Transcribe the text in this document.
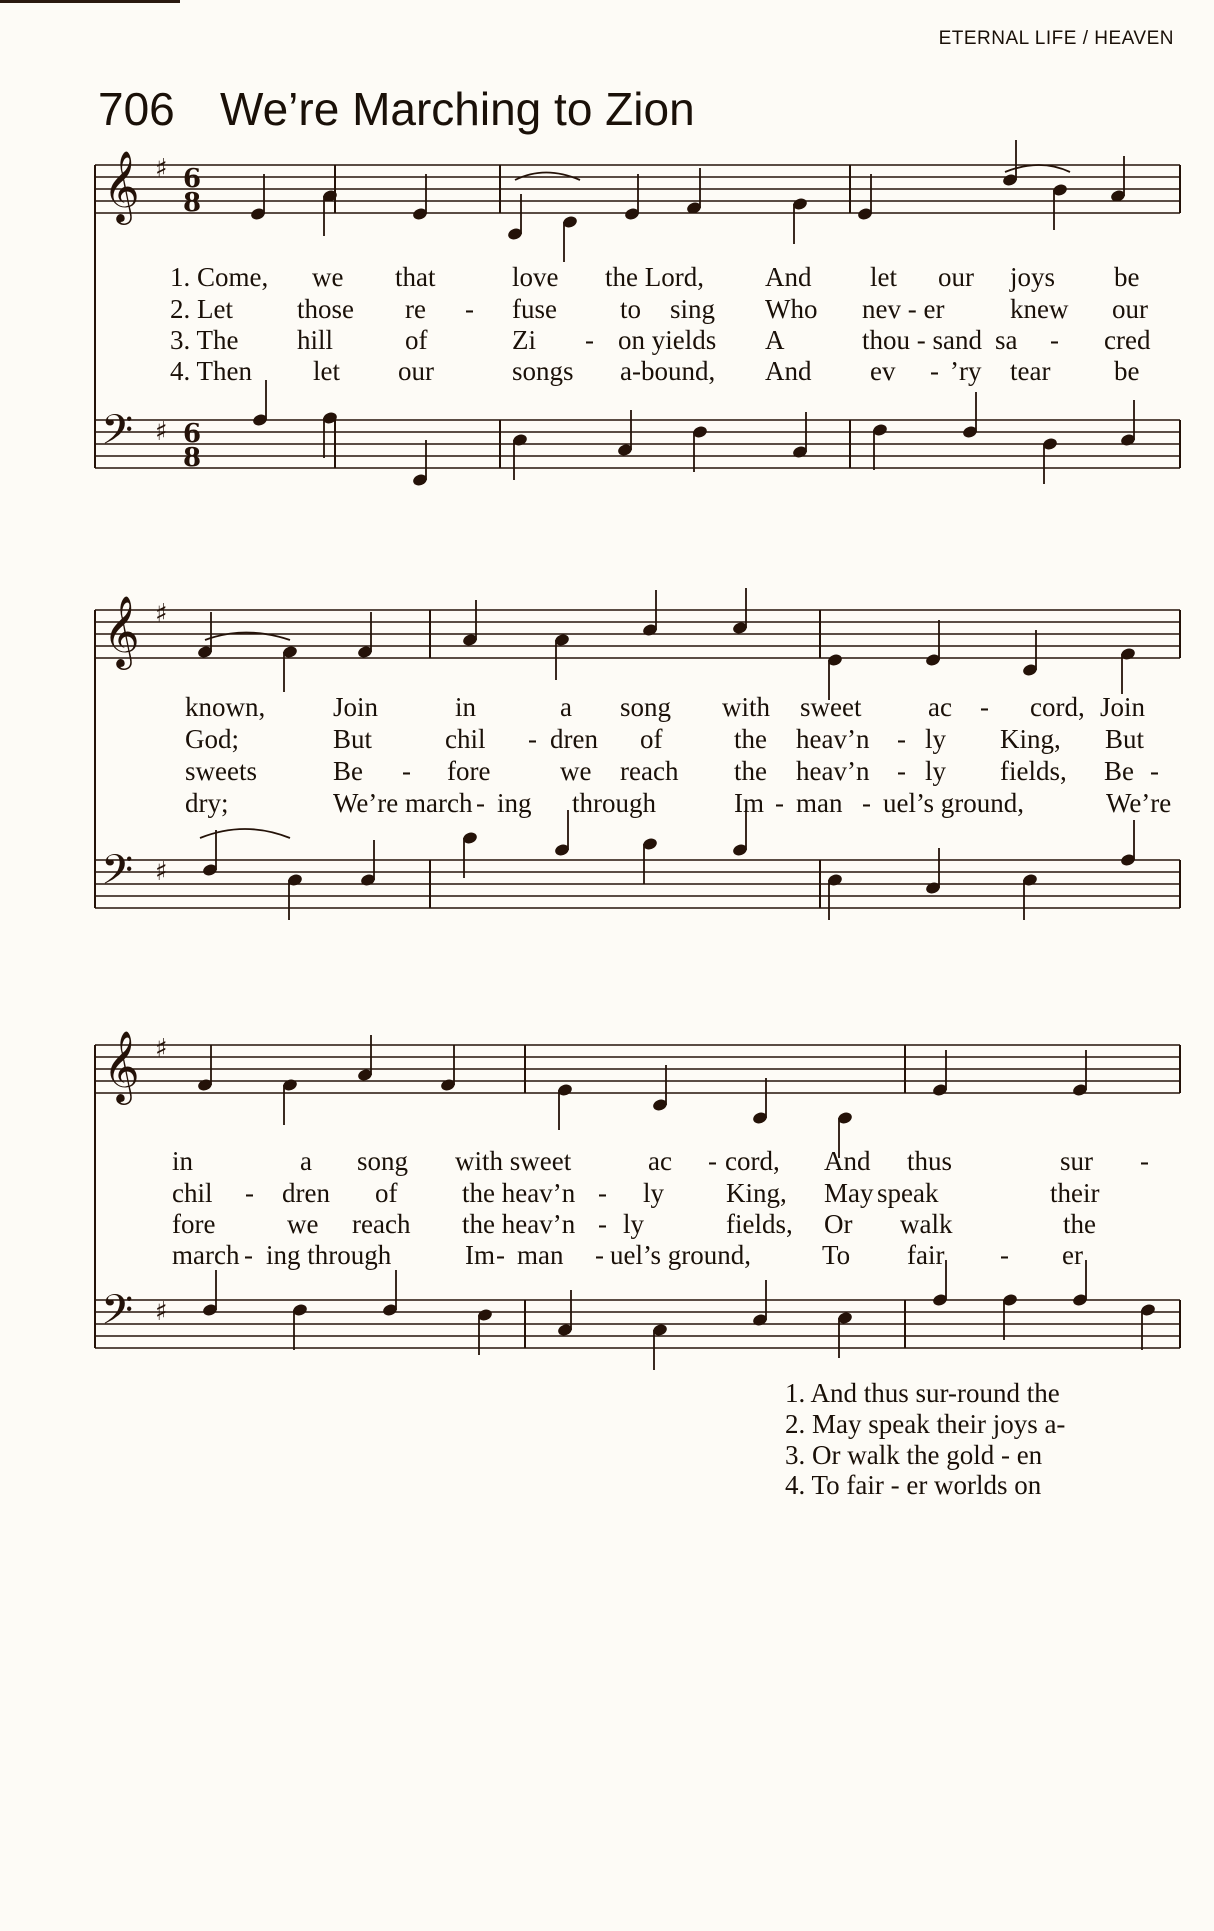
ETERNAL LIFE / HEAVEN
706 We’re Marching to Zion
𝄞
𝄢
♯
♯
6
8
6
8
𝄞
𝄢
♯
♯
𝄞
𝄢
♯
♯
1. Come, we that	love the Lord, And let our joys be
2. Let those re - fuse to sing Who nev - er knew our
3. The hill	of	Zi - on yields A	thou - sand sa - cred
4. Then let our	songs a-bound, And ev - ’ry tear be
known,	Join	in	a song with sweet ac - cord, Join
God;	But	chil - dren of	the heav’n - ly King, But
sweets	Be - fore	we reach the heav’n - ly fields, Be -
dry;	We’re march - ing through	Im - man - uel’s ground,	We’re
in	a song with sweet	ac - cord, And thus	sur -
chil - dren of the heav’n - ly King, May speak	their
fore	we reach the heav’n - ly	fields, Or walk	the
march - ing through	Im - man - uel’s ground,	To fair - er
1. And thus sur-round the
2. May speak their joys a-
3. Or walk the gold - en
4. To fair - er worlds on
